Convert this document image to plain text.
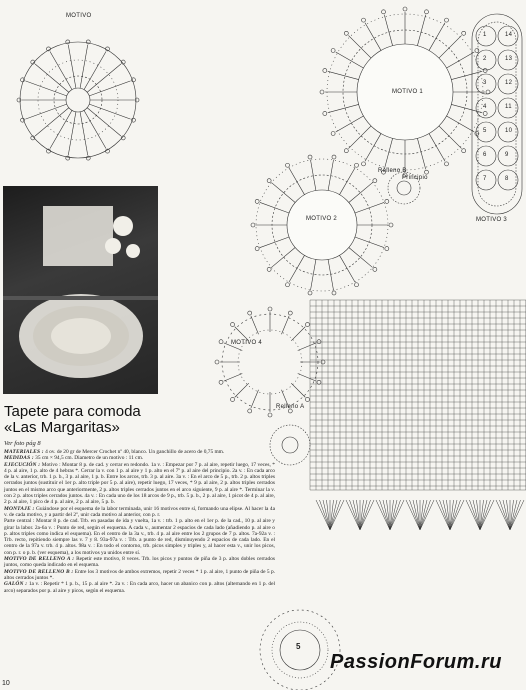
MOTIVO
MOTIVO 1
MOTIVO 2	MOTIVO 3
MOTIVO 4
Relleno A
Relleno B
Principio
5
1
2
3
4
5
6
7	8
9
10
11
12
13
14
Tapete para comoda
«Las Margaritas»
Ver foto pág 8

MATERIALES : 4 ov. de 20 gr de Mercer Crochet nº 40, blanco. Un ganchillo de acero de 0,75 mm.

MEDIDAS : 35 cm × 94,5 cm. Diametro de un motivo : 11 cm.

EJECUCIÓN : Motivo : Montar 8 p. de cad. y cerrar en redondo. 1a v. : Empezar por 7 p. al aire, repetir luego, 17 veces, * 4 p. al aire, 1 p. alto de 4 hebras *. Cerrar la v. con 1 p. al aire y 1 p. alto en el 7º p. al aire del principio. 2a v. : En cada arco de la v. anterior, trb. 1 p. b., 3 p. al aire, 1 p. b. Entre los arcos, trb. 3 p. al aire. 3a v. : En el arco de 5 p., trb. 2 p. altos triples cerrados juntos (sustituir el 1er p. alto triple por 5 p. al aire), repetir luego, 17 veces, * 9 p. al aire, 2 p. altos triples cerrados juntos en el mismo arco que anteriormente, 2 p. altos triples cerrados juntos en el arco siguiente, 9 p. al aire *. Terminar la v. con 2 p. altos triples cerrados juntos. 4a v. : En cada uno de los 18 arcos de 9 p., trb. 5 p. b., 2 p. al aire, 1 picot de 4 p. al aire, 2 p. al aire, 1 pico de 4 p. al aire, 2 p. al aire, 5 p. b.

MONTAJE : Guiándose por el esquema de la labor terminada, unir 16 motivos entre sí, formando una elipse. Al hacer la 4a v. de cada motivo, y a partir del 2º, unir cada motivo al anterior, con p. r.

Parte central : Montar 8 p. de cad. Trb. en pasadas de ida y vuelta, 1a v. : trb. 1 p. alto en el 1er p. de la cad., 10 p. al aire y girar la labor. 2a-6a v. : Punto de red, según el esquema. A cada v., aumentar 2 espacios de cada lado (añadiendo p. al aire o p. altos triples como indica el esquema). En el centro de la 3a v., trb. 4 p. al aire entre los 2 grupos de 7 p. altos. 7a-92a v. : Trb. recto, repitiendo siempre las v. 7 y 8. 93a-97a v. : Trb. a punto de red, disminuyendo 2 espacios de cada lado. En el centro de la 97a v. trb. 4 p. altos. 98a v. : En todo el contorno, trb. picos simples y triples y, al hacer esta v., unir los picos, con p. r. o p. b. (ver esquema), a los motivos ya unidos entre sí.

MOTIVO DE RELLENO A : Repetir este motivo, 8 veces. Trb. los picos y puntos de piña de 3 p. altos dobles cerrados juntos, como queda indicado en el esquema.

MOTIVO DE RELLENO B : Entre los 3 motivos de ambos extremos, repetir 2 veces * 1 p. al aire, 1 punto de piña de 5 p. altos cerrados juntos *.

GALÓN : 1a v. : Repetir * 1 p. b., 15 p. al aire *. 2a v. : En cada arco, hacer un abanico con p. altos (alternando en 1 p. del arco) separados por p. al aire y picos, según el esquema.

10
PassionForum.ru
